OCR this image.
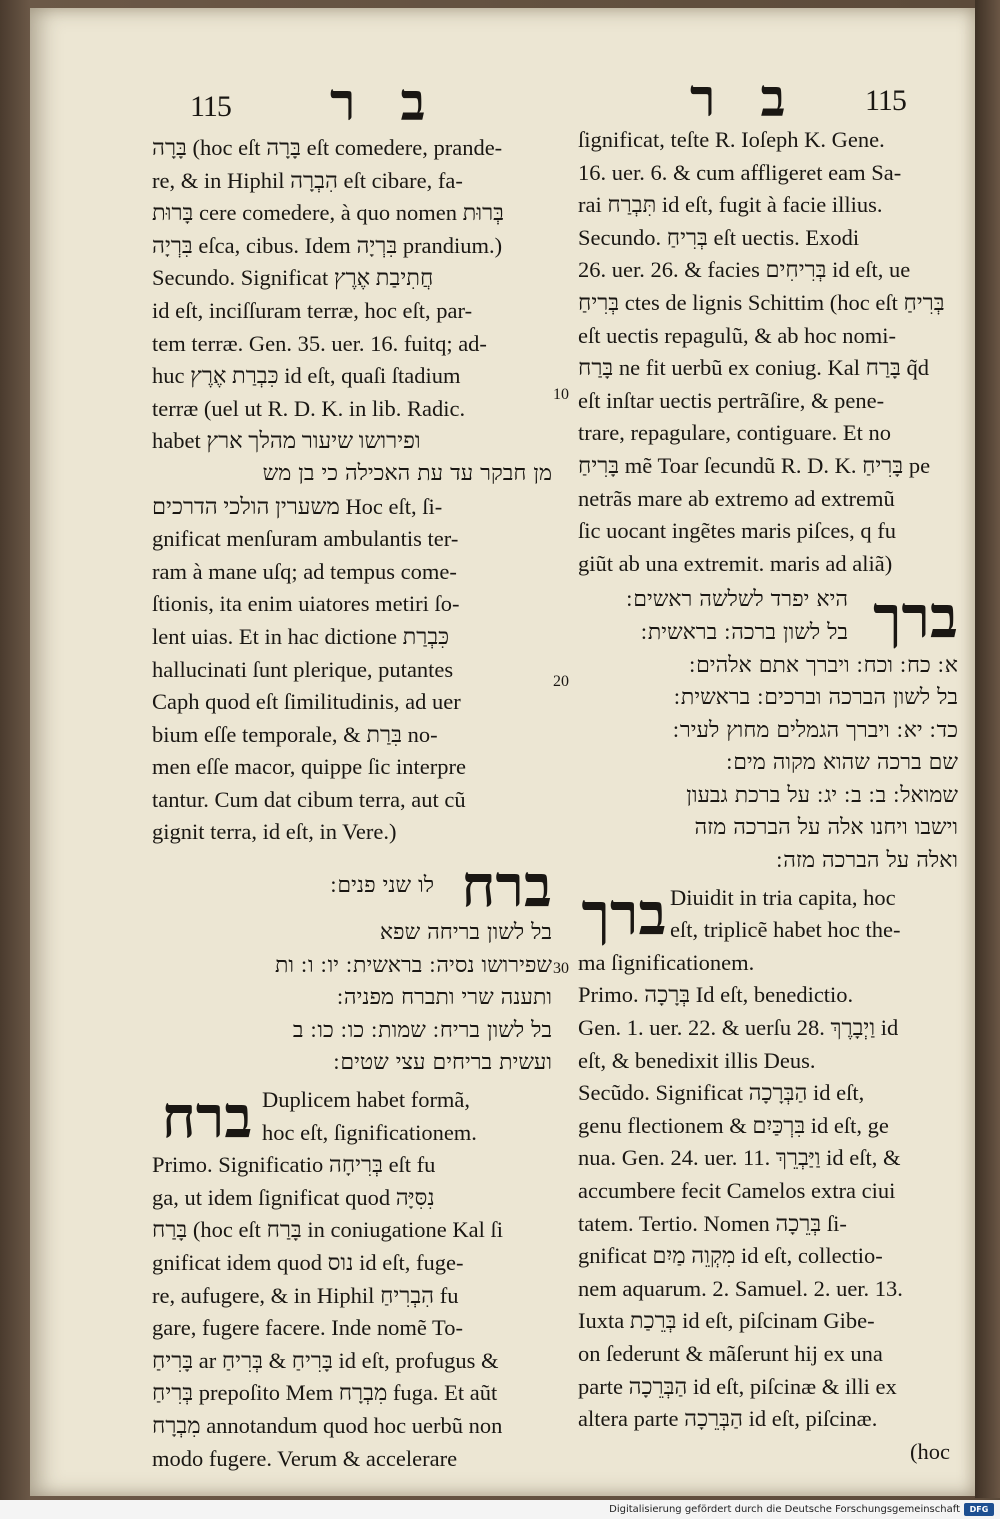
115 ב ר	ב ר 115
10
20
30
בָּרָה (hoc eſt בָּרָה eſt comedere, prande-
re, & in Hiphil הִבְרָה eſt cibare, fa-
בָּרוּת cere comedere, à quo nomen בְּרוּת
בִּרְיָה eſca, cibus. Idem בִּרְיָה prandium.)
Secundo. Significat חֲתִיבַת אֶרֶץ
id eſt, inciſſuram terræ, hoc eſt, par-
tem terræ. Gen. 35. uer. 16. fuitq; ad-
huc כִּבְרַת אֶרֶץ id eſt, quaſi ſtadium
terræ (uel ut R. D. K. in lib. Radic.
habet ופירושו שיעור מהלך ארץ
מן חבקר עד עת האכילה כי בן מש
משערין הולכי הדרכים Hoc eſt, ſi-
gnificat menſuram ambulantis ter-
ram à mane uſq; ad tempus come-
ſtionis, ita enim uiatores metiri ſo-
lent uias. Et in hac dictione כִּבְרַת
hallucinati ſunt plerique, putantes
Caph quod eſt ſimilitudinis, ad uer
bium eſſe temporale, & בִּרַת no-
men eſſe macor, quippe ſic interpre
tantur. Cum dat cibum terra, aut cũ
gignit terra, id eſt, in Vere.)
ברח
לו שני פנים ׃
בל לשון בריחה שפא
שפירושו נסיה ׃ בראשית ׃ יו ׃ ו ׃ ות
ותענה שרי ותברח מפניה ׃
בל לשון בריח ׃ שמות ׃ כו ׃ כו ׃ ב
ועשית בריחים עצי שטים ׃
ברח Duplicem habet formã,
hoc eſt, ſignificationem.
Primo. Significatio בְּרִיחָה eſt fu
ga, ut idem ſignificat quod נִסִּיָּה
בָּרַח (hoc eſt בָּרַח in coniugatione Kal ſi
gnificat idem quod נוס id eſt, fuge-
re, aufugere, & in Hiphil הִבְרִיחַ fu
gare, fugere facere. Inde nomẽ To-
בָּרִיחַ ar בָּרִיחַ & בְּרִיחַ id eſt, profugus &
בְּרִיחַ prepoſito Mem מִבְרָח fuga. Et aũt
מִבְרָח annotandum quod hoc uerbũ non
modo fugere. Verum & accelerare
ſignificat, teſte R. Ioſeph K. Gene.
16. uer. 6. & cum affligeret eam Sa-
rai תִּבְרַח id eſt, fugit à facie illius.
Secundo. בְּרִיחַ eſt uectis. Exodi
26. uer. 26. & facies בְּרִיחִים id eſt, ue
בְּרִיחַ ctes de lignis Schittim (hoc eſt בְּרִיחַ
eſt uectis repagulũ, & ab hoc nomi-
בָּרַח ne fit uerbũ ex coniug. Kal בָּרַח q̃d
eſt inſtar uectis pertrãſire, & pene-
trare, repagulare, contiguare. Et no
בָּרִיחַ mẽ Toar ſecundũ R. D. K. בָּרִיחַ pe
netrãs mare ab extremo ad extremũ
ſic uocant ingẽtes maris piſces, q fu
giũt ab una extremit. maris ad aliã)
ברך
היא יפרד לשלשה ראשים ׃
בל לשון ברכה ׃ בראשית ׃
א ׃ כח ׃ וכח ׃ ויברך אתם אלהים ׃
בל לשון הברכה וברכים ׃ בראשית ׃
כד ׃ יא ׃ ויברך הגמלים מחוץ לעיר ׃
שם ברכה שהוא מקוה מים ׃
שמואל ׃ ב ׃ ב ׃ יג ׃ על ברכת גבעון
וישבו ויחנו אלה על הברכה מזה
ואלה על הברכה מזה ׃
ברך Diuidit in tria capita, hoc
eſt, triplicẽ habet hoc the-
ma ſignificationem.
Primo. בְּרָכָה Id eſt, benedictio.
Gen. 1. uer. 22. & uerſu 28. וַיְבָרֶךְ id
eſt, & benedixit illis Deus.
Secũdo. Significat הַבְּרָכָה id eſt,
genu flectionem & בִּרְכַּיִם id eſt, ge
nua. Gen. 24. uer. 11. וַיַּבְרֵךְ id eſt, &
accumbere fecit Camelos extra ciui
tatem. Tertio. Nomen בְּרֵכָה ſi-
gnificat מִקְוֵה מַיִם id eſt, collectio-
nem aquarum. 2. Samuel. 2. uer. 13.
Iuxta בְּרֵכַת id eſt, piſcinam Gibe-
on ſederunt & mãſerunt hij ex una
parte הַבְּרֵכָה id eſt, piſcinæ & illi ex
altera parte הַבְּרֵכָה id eſt, piſcinæ.
(hoc
Digitalisierung gefördert durch die Deutsche Forschungsgemeinschaft	DFG
